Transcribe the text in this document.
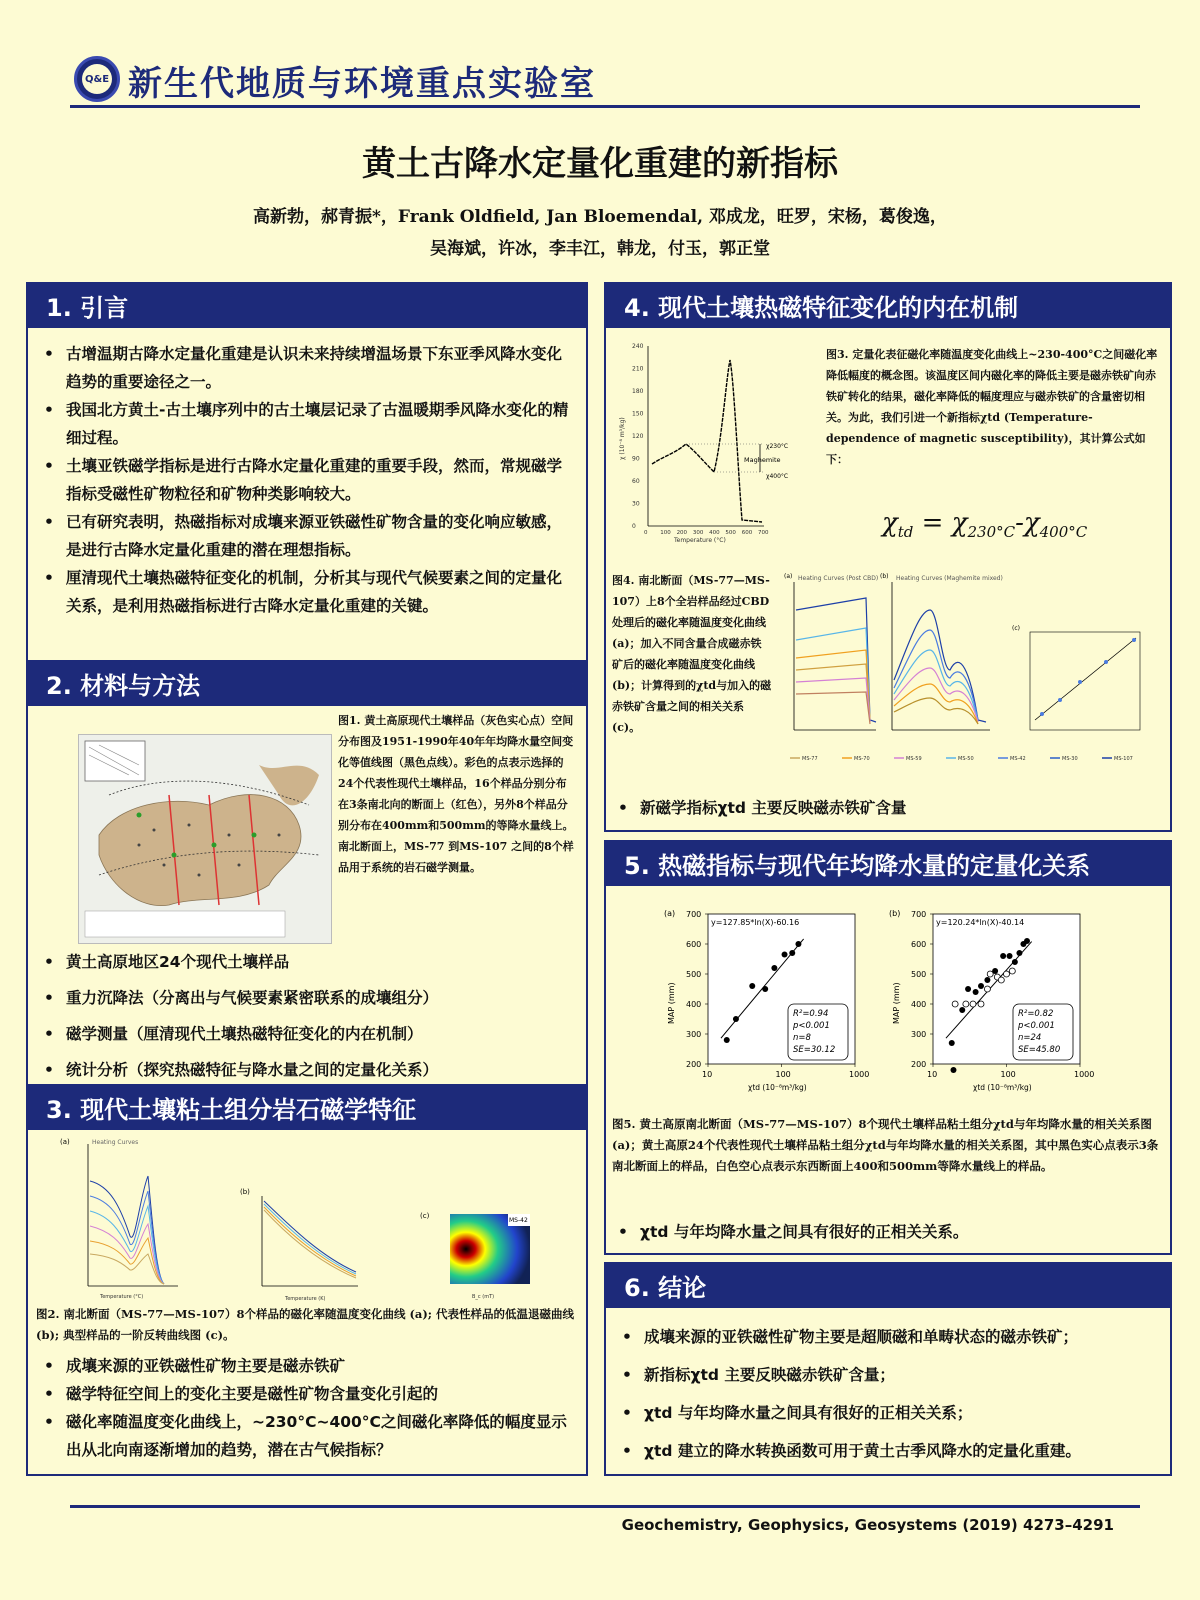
Q&E 新生代地质与环境重点实验室
黄土古降水定量化重建的新指标
高新勃，郝青振*，Frank Oldfield, Jan Bloemendal, 邓成龙，旺罗，宋杨，葛俊逸，
吴海斌，许冰，李丰江，韩龙，付玉，郭正堂
1. 引言
• 古增温期古降水定量化重建是认识未来持续增温场景下东亚季风降水变化趋势的重要途径之一。
• 我国北方黄土-古土壤序列中的古土壤层记录了古温暖期季风降水变化的精细过程。
• 土壤亚铁磁学指标是进行古降水定量化重建的重要手段，然而，常规磁学指标受磁性矿物粒径和矿物种类影响较大。
• 已有研究表明，热磁指标对成壤来源亚铁磁性矿物含量的变化响应敏感，是进行古降水定量化重建的潜在理想指标。
• 厘清现代土壤热磁特征变化的机制，分析其与现代气候要素之间的定量化关系，是利用热磁指标进行古降水定量化重建的关键。
2. 材料与方法
图1. 黄土高原现代土壤样品（灰色实心点）空间分布图及1951-1990年40年年均降水量空间变化等值线图（黑色点线）。彩色的点表示选择的24个代表性现代土壤样品，16个样品分别分布在3条南北向的断面上（红色），另外8个样品分别分布在400mm和500mm的等降水量线上。南北断面上，MS-77 到MS-107 之间的8个样品用于系统的岩石磁学测量。
• 黄土高原地区24个现代土壤样品
• 重力沉降法（分离出与气候要素紧密联系的成壤组分）
• 磁学测量（厘清现代土壤热磁特征变化的内在机制）
• 统计分析（探究热磁特征与降水量之间的定量化关系）
3. 现代土壤粘土组分岩石磁学特征
(a)	Heating Curves
Temperature (°C)
(b)
Temperature (K)
(c)
MS-42
B_c (mT)
图2. 南北断面（MS-77—MS-107）8个样品的磁化率随温度变化曲线 (a); 代表性样品的低温退磁曲线(b); 典型样品的一阶反转曲线图 (c)。
• 成壤来源的亚铁磁性矿物主要是磁赤铁矿
• 磁学特征空间上的变化主要是磁性矿物含量变化引起的
• 磁化率随温度变化曲线上，~230°C~400°C之间磁化率降低的幅度显示出从北向南逐渐增加的趋势，潜在古气候指标？
4. 现代土壤热磁特征变化的内在机制
0
30
60
90
120
150
180
210
240
0 100 200 300 400 500 600 700
Maghemite
χ230°C
χ400°C
Temperature (°C)
χ (10⁻⁸ m³/kg)
图3. 定量化表征磁化率随温度变化曲线上~230-400°C之间磁化率降低幅度的概念图。该温度区间内磁化率的降低主要是磁赤铁矿向赤铁矿转化的结果，磁化率降低的幅度理应与磁赤铁矿的含量密切相关。为此，我们引进一个新指标χtd (Temperature-dependence of magnetic susceptibility)，其计算公式如下：
$\chi_{td} = \chi_{230^\circ C}-\chi_{400^\circ C}$
图4. 南北断面（MS-77—MS-107）上8个全岩样品经过CBD处理后的磁化率随温度变化曲线 (a)；加入不同含量合成磁赤铁矿后的磁化率随温度变化曲线 (b)；计算得到的χtd与加入的磁赤铁矿含量之间的相关关系 (c)。
(a) Heating Curves (Post CBD) (b) Heating Curves (Maghemite mixed)
(c)
MS-77	MS-70	MS-59	MS-50	MS-42	MS-30	MS-107
• 新磁学指标χtd 主要反映磁赤铁矿含量
5. 热磁指标与现代年均降水量的定量化关系
(a)
200
300
400
500
600
700
10	100	1000
MAP (mm)
χtd (10⁻⁸m³/kg)
y=127.85*ln(X)-60.16
R²=0.94
p<0.001
n=8
SE=30.12
(b)
200
300
400
500
600
700
10	100	1000
MAP (mm)
χtd (10⁻⁸m³/kg)
y=120.24*ln(X)-40.14
R²=0.82
p<0.001
n=24
SE=45.80
图5. 黄土高原南北断面（MS-77—MS-107）8个现代土壤样品粘土组分χtd与年均降水量的相关关系图 (a)；黄土高原24个代表性现代土壤样品粘土组分χtd与年均降水量的相关关系图，其中黑色实心点表示3条南北断面上的样品，白色空心点表示东西断面上400和500mm等降水量线上的样品。
• χtd 与年均降水量之间具有很好的正相关关系。
6. 结论
• 成壤来源的亚铁磁性矿物主要是超顺磁和单畴状态的磁赤铁矿；
• 新指标χtd 主要反映磁赤铁矿含量；
• χtd 与年均降水量之间具有很好的正相关关系；
• χtd 建立的降水转换函数可用于黄土古季风降水的定量化重建。
Geochemistry, Geophysics, Geosystems (2019) 4273–4291
